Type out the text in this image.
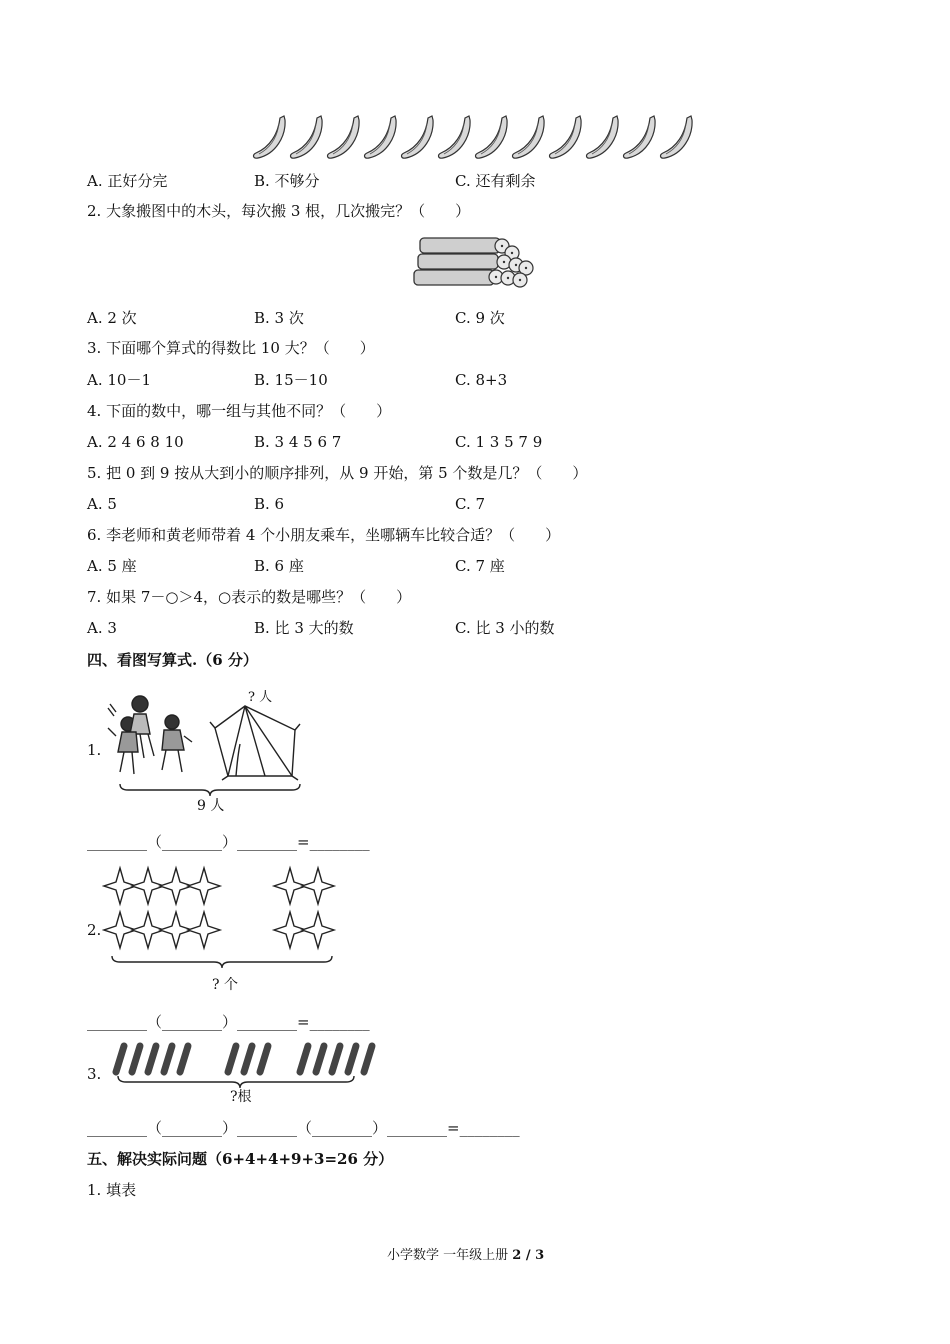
A. 正好分完	B. 不够分	C. 还有剩余
2. 大象搬图中的木头，每次搬 3 根，几次搬完？（　　）
A. 2 次	B. 3 次	C. 9 次
3. 下面哪个算式的得数比 10 大？（　　）
A. 10－1	B. 15－10	C. 8+3
4. 下面的数中，哪一组与其他不同？（　　）
A. 2 4 6 8 10	B. 3 4 5 6 7	C. 1 3 5 7 9
5. 把 0 到 9 按从大到小的顺序排列，从 9 开始，第 5 个数是几？（　　）
A. 5	B. 6	C. 7
6. 李老师和黄老师带着 4 个小朋友乘车，坐哪辆车比较合适？（　　）
A. 5 座	B. 6 座	C. 7 座
7. 如果 7－○＞4，○表示的数是哪些？（　　）
A. 3	B. 比 3 大的数	C. 比 3 小的数
四、看图写算式.（6 分）
1.
? 人
9 人
________（________）________=________
2.
? 个
________（________）________=________
3.
?根
________（________）________（________）________=________
五、解决实际问题（6+4+4+9+3=26 分）
1. 填表
小学数学 一年级上册 2 / 3
